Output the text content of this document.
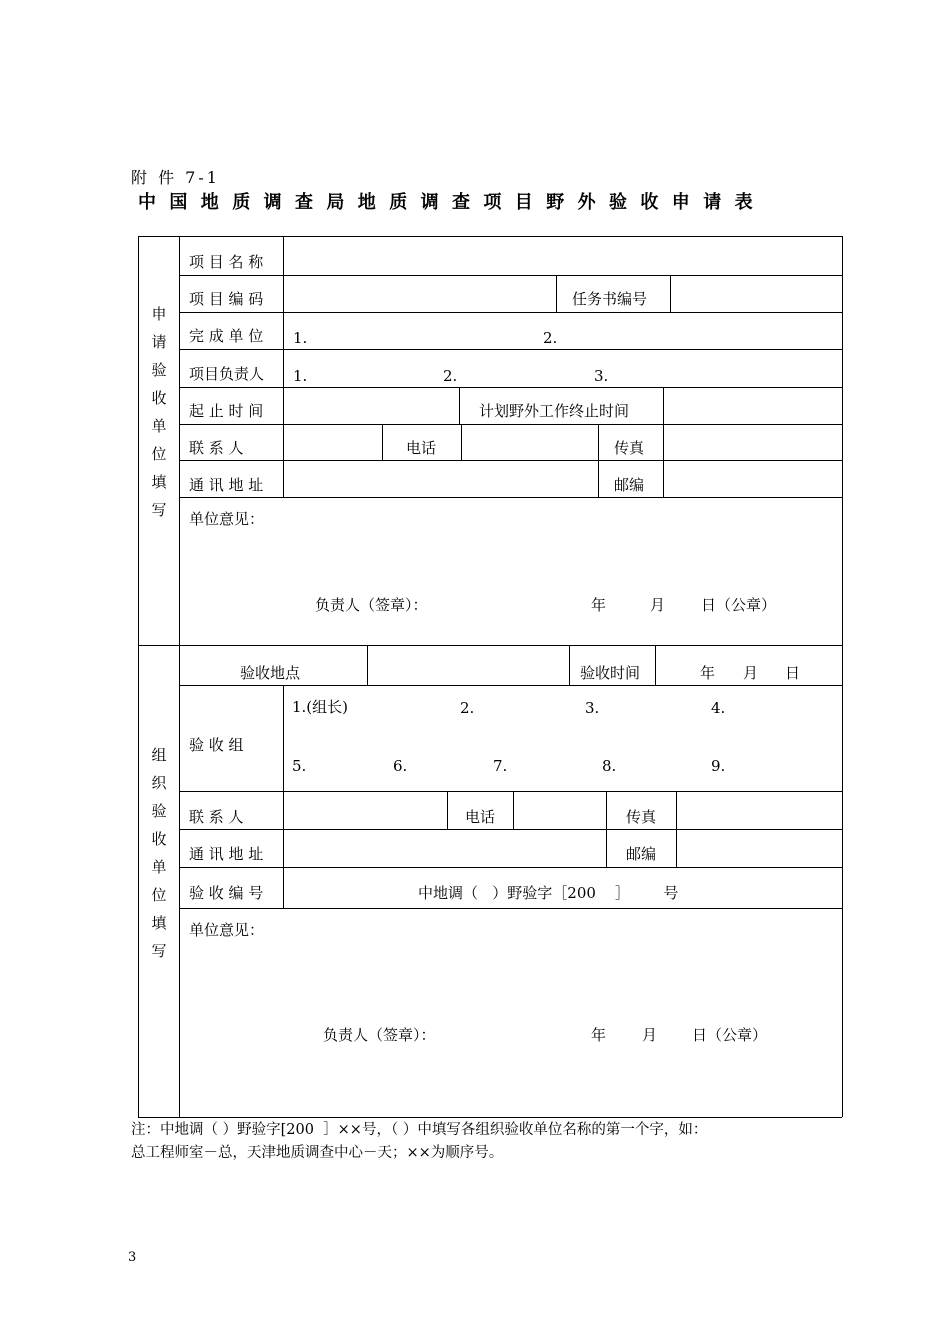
附 件 7-1
中国地质调查局地质调查项目野外验收申请表
申请验收单位填写
项 目 名 称
项 目 编 码	任务书编号
完 成 单 位 1.	2.
项目负责人 1.	2.	3.
起 止 时 间	计划野外工作终止时间
联 系 人	电话	传真
通 讯 地 址	邮编
单位意见：
负责人（签章）：	年	月 日（公章）
组织验收单位填写
验收地点	验收时间	年 月 日
验 收 组
1.(组长)	2.	3.	4.
5.	6.	7.	8.	9.
联 系 人	电话	传真
通 讯 地 址	邮编
验 收 编 号	中地调（   ）野验字［200    ］       号
单位意见：
负责人（签章）：	年 月 日（公章）
注：中地调（ ）野验字[200  ］××号，（ ）中填写各组织验收单位名称的第一个字，如：
总工程师室－总，天津地质调查中心－天；××为顺序号。
3
